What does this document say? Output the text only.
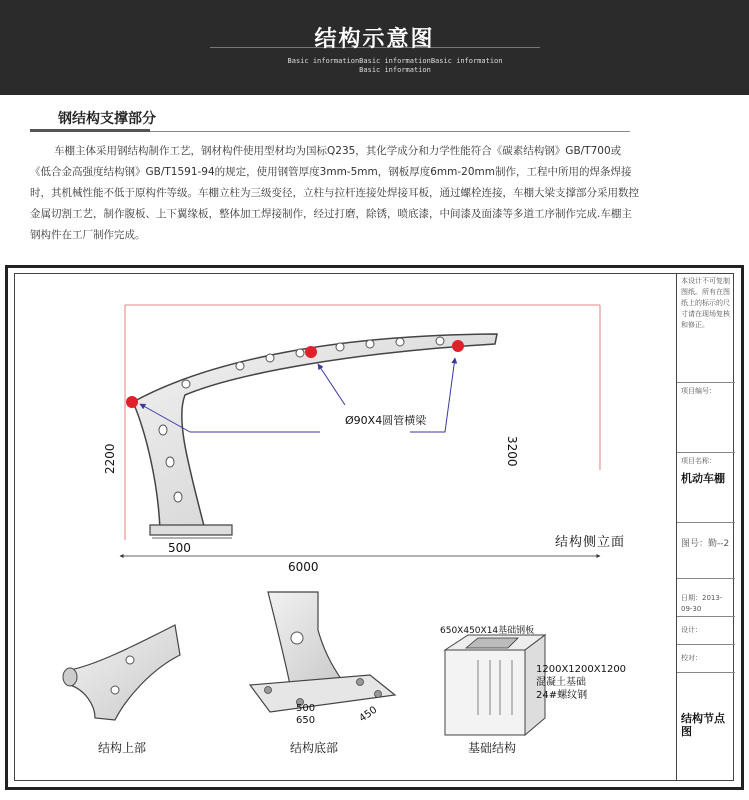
结构示意图
Basic informationBasic informationBasic information
Basic information
钢结构支撑部分
车棚主体采用钢结构制作工艺，钢材构件使用型材均为国标Q235，其化学成分和力学性能符合《碳素结构钢》GB/T700或《低合金高强度结构钢》GB/T1591-94的规定，使用钢管厚度3mm-5mm，钢板厚度6mm-20mm制作，工程中所用的焊条焊接时，其机械性能不低于原构件等级。车棚立柱为三级变径，立柱与拉杆连接处焊接耳板，通过螺栓连接，车棚大梁支撑部分采用数控金属切割工艺，制作腹板、上下翼缘板，整体加工焊接制作，经过打磨，除锈，喷底漆，中间漆及面漆等多道工序制作完成.车棚主钢构件在工厂制作完成。
本设计不可复制图纸。所有在图纸上的标示的尺寸请在现场复核和修正。
项目编号：
项目名称：
机动车棚
图号：勤--2
日期：2013-09-30
设计：
校对：
结构节点图
Ø90X4圆管横梁
2200	3200
500
6000
结构侧立面
结构上部
500
650	450
结构底部
650X450X14基础钢板
1200X1200X1200
混凝土基础
24#螺纹钢
基础结构
